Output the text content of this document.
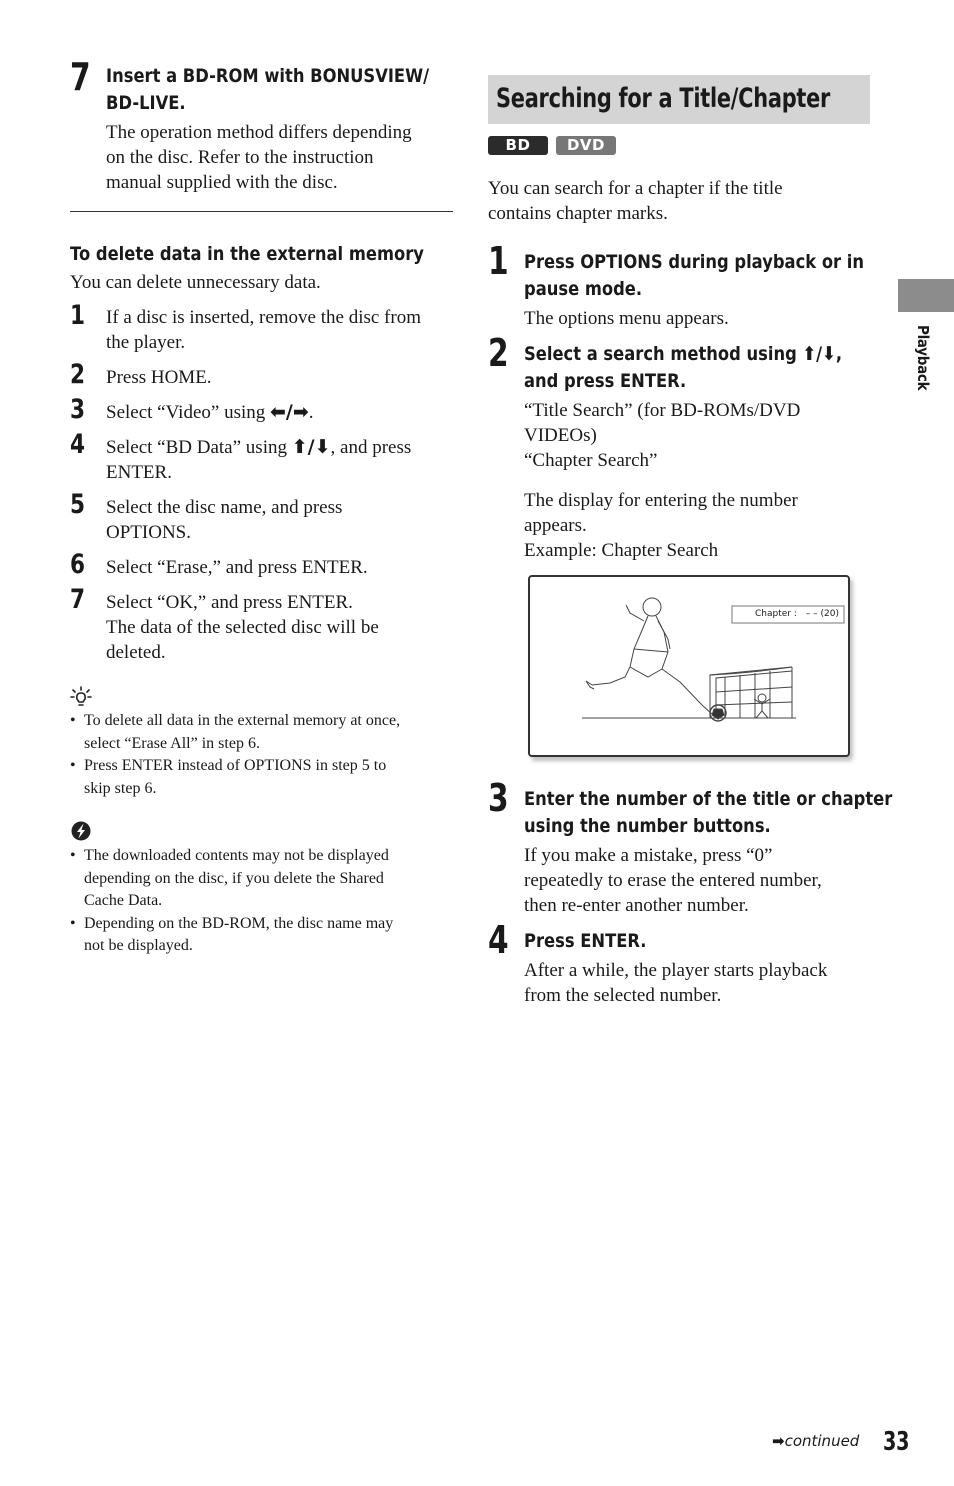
7 Insert a BD-ROM with BONUSVIEW/
BD-LIVE.
The operation method differs depending
on the disc. Refer to the instruction
manual supplied with the disc.
To delete data in the external memory
You can delete unnecessary data.
1 If a disc is inserted, remove the disc from
the player.
2 Press HOME.
3 Select “Video” using ⬅/➡.
4 Select “BD Data” using ⬆/⬇, and press
ENTER.
5 Select the disc name, and press
OPTIONS.
6 Select “Erase,” and press ENTER.
7 Select “OK,” and press ENTER.
The data of the selected disc will be
deleted.
• To delete all data in the external memory at once,
select “Erase All” in step 6.
• Press ENTER instead of OPTIONS in step 5 to
skip step 6.
• The downloaded contents may not be displayed
depending on the disc, if you delete the Shared
Cache Data.
• Depending on the BD-ROM, the disc name may
not be displayed.
Searching for a Title/Chapter
BD	DVD
You can search for a chapter if the title
contains chapter marks.
1 Press OPTIONS during playback or in
pause mode.
The options menu appears.
2 Select a search method using ⬆/⬇,
and press ENTER.
“Title Search” (for BD-ROMs/DVD
VIDEOs)
“Chapter Search”
The display for entering the number
appears.
Example: Chapter Search
Chapter : – – (20)
3 Enter the number of the title or chapter
using the number buttons.
If you make a mistake, press “0”
repeatedly to erase the entered number,
then re-enter another number.
4 Press ENTER.
After a while, the player starts playback
from the selected number.
Playback
➡continued 33
